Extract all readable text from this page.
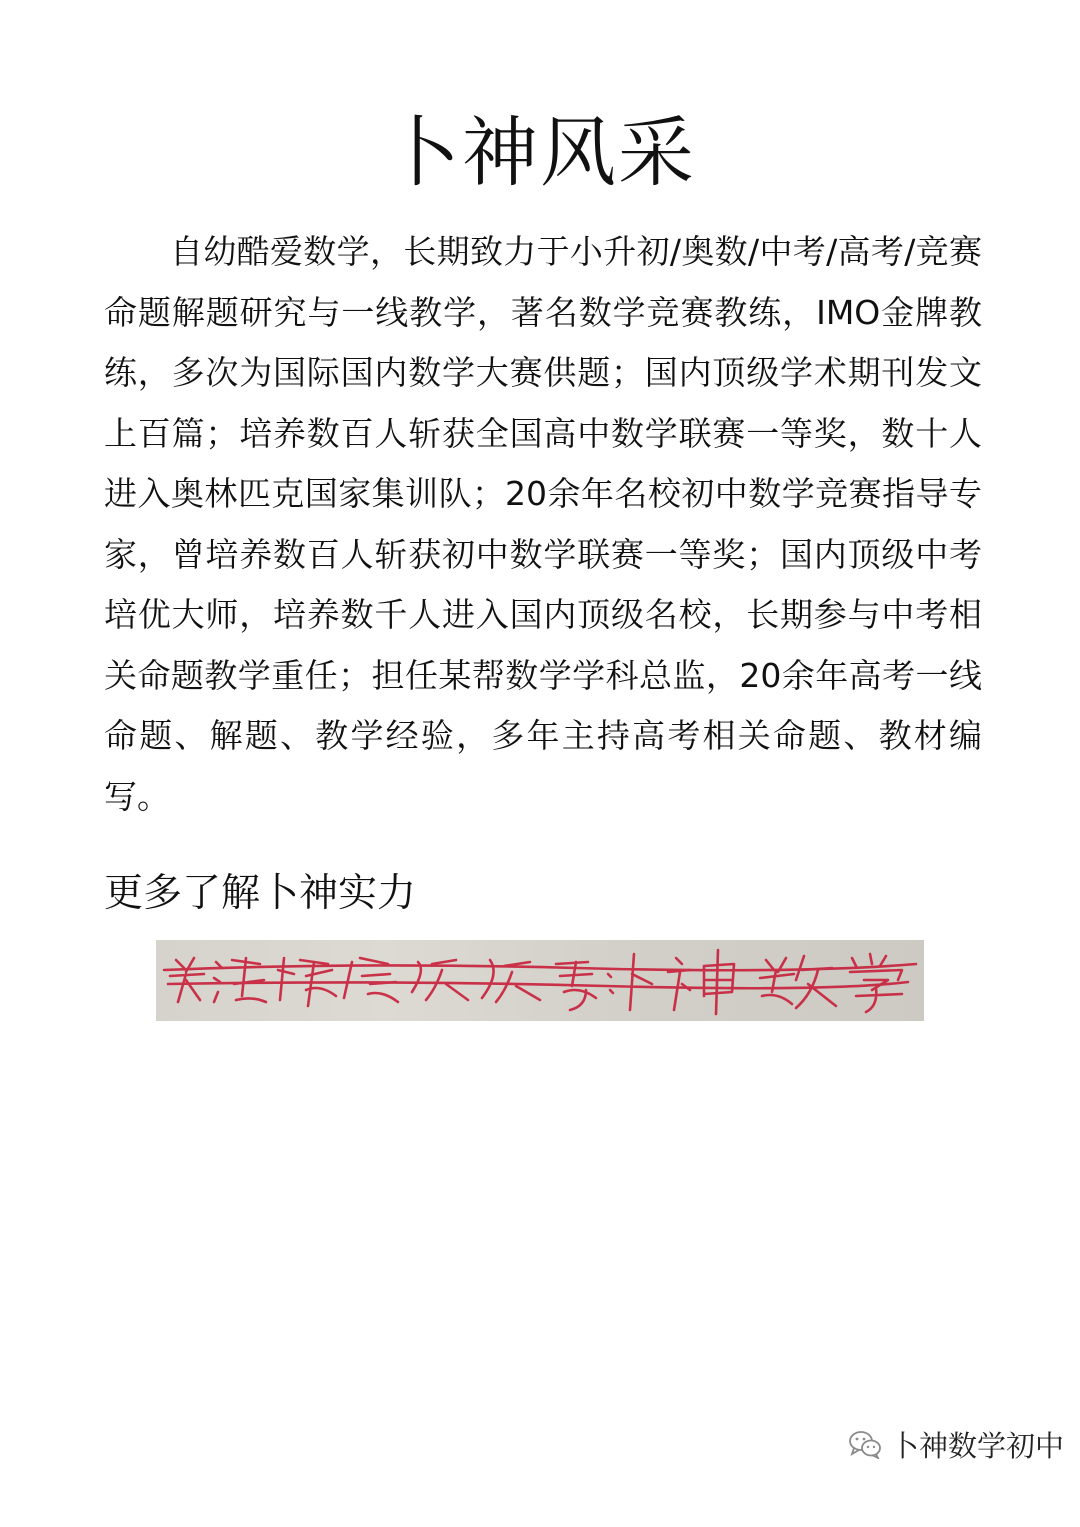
卜神风采

自幼酷爱数学，长期致力于小升初/奥数/中考/高考/竞赛命题解题研究与一线教学，著名数学竞赛教练，IMO金牌教练，多次为国际国内数学大赛供题；国内顶级学术期刊发文上百篇；培养数百人斩获全国高中数学联赛一等奖，数十人进入奥林匹克国家集训队；20余年名校初中数学竞赛指导专家，曾培养数百人斩获初中数学联赛一等奖；国内顶级中考培优大师，培养数千人进入国内顶级名校，长期参与中考相关命题教学重任；担任某帮数学学科总监，20余年高考一线命题、解题、教学经验，多年主持高考相关命题、教材编写。

更多了解卜神实力
卜神数学初中
